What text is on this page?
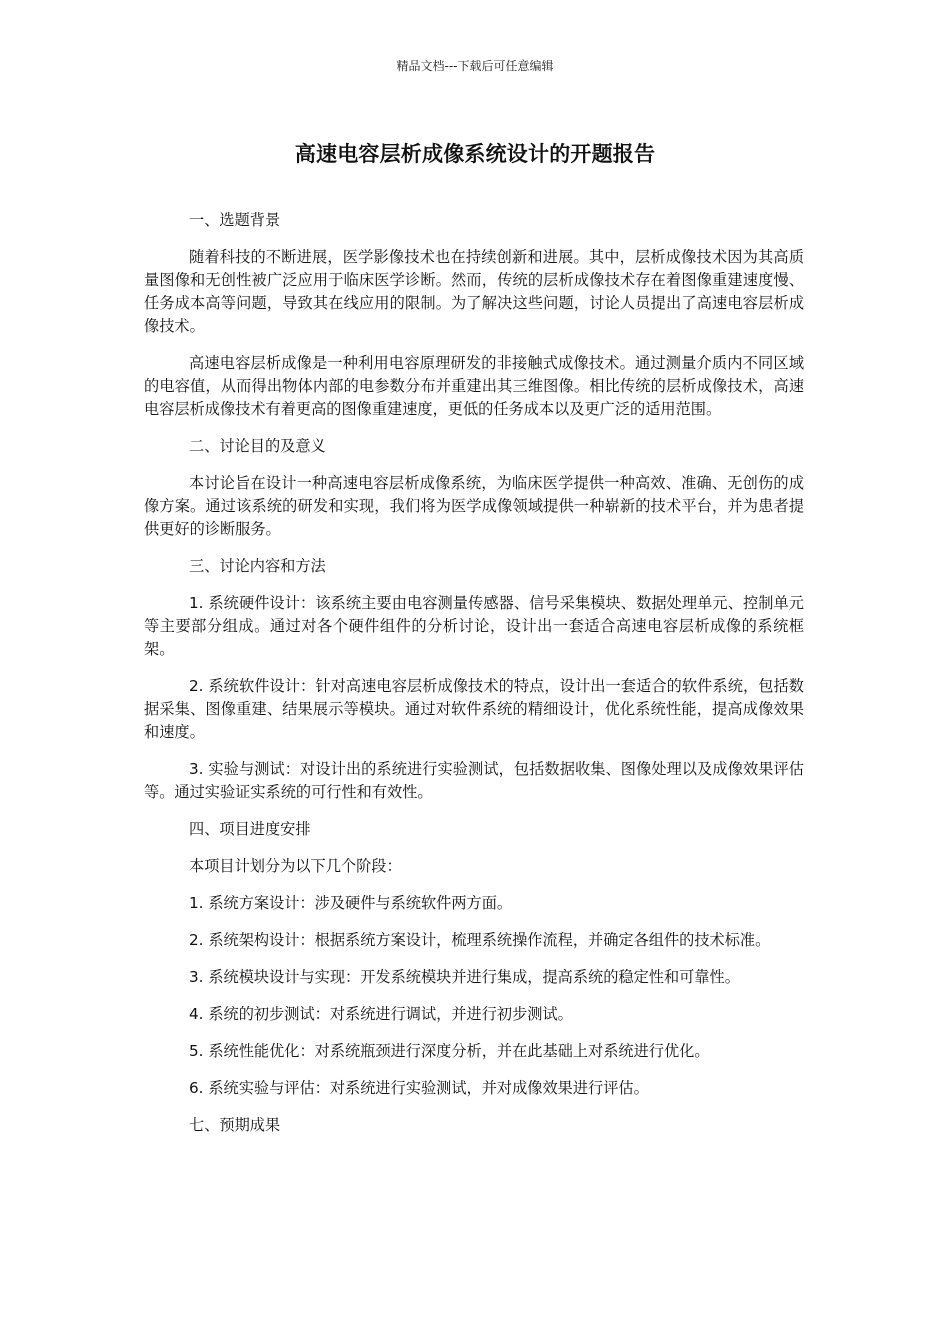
精品文档---下载后可任意编辑
高速电容层析成像系统设计的开题报告

一、选题背景

随着科技的不断进展，医学影像技术也在持续创新和进展。其中，层析成像技术因为其高质量图像和无创性被广泛应用于临床医学诊断。然而，传统的层析成像技术存在着图像重建速度慢、任务成本高等问题，导致其在线应用的限制。为了解决这些问题，讨论人员提出了高速电容层析成像技术。

高速电容层析成像是一种利用电容原理研发的非接触式成像技术。通过测量介质内不同区域的电容值，从而得出物体内部的电参数分布并重建出其三维图像。相比传统的层析成像技术，高速电容层析成像技术有着更高的图像重建速度，更低的任务成本以及更广泛的适用范围。

二、讨论目的及意义

本讨论旨在设计一种高速电容层析成像系统，为临床医学提供一种高效、准确、无创伤的成像方案。通过该系统的研发和实现，我们将为医学成像领域提供一种崭新的技术平台，并为患者提供更好的诊断服务。

三、讨论内容和方法

1. 系统硬件设计：该系统主要由电容测量传感器、信号采集模块、数据处理单元、控制单元等主要部分组成。通过对各个硬件组件的分析讨论，设计出一套适合高速电容层析成像的系统框架。

2. 系统软件设计：针对高速电容层析成像技术的特点，设计出一套适合的软件系统，包括数据采集、图像重建、结果展示等模块。通过对软件系统的精细设计，优化系统性能，提高成像效果和速度。

3. 实验与测试：对设计出的系统进行实验测试，包括数据收集、图像处理以及成像效果评估等。通过实验证实系统的可行性和有效性。

四、项目进度安排

本项目计划分为以下几个阶段：

1. 系统方案设计：涉及硬件与系统软件两方面。

2. 系统架构设计：根据系统方案设计，梳理系统操作流程，并确定各组件的技术标准。

3. 系统模块设计与实现：开发系统模块并进行集成，提高系统的稳定性和可靠性。

4. 系统的初步测试：对系统进行调试，并进行初步测试。

5. 系统性能优化：对系统瓶颈进行深度分析，并在此基础上对系统进行优化。

6. 系统实验与评估：对系统进行实验测试，并对成像效果进行评估。

七、预期成果
